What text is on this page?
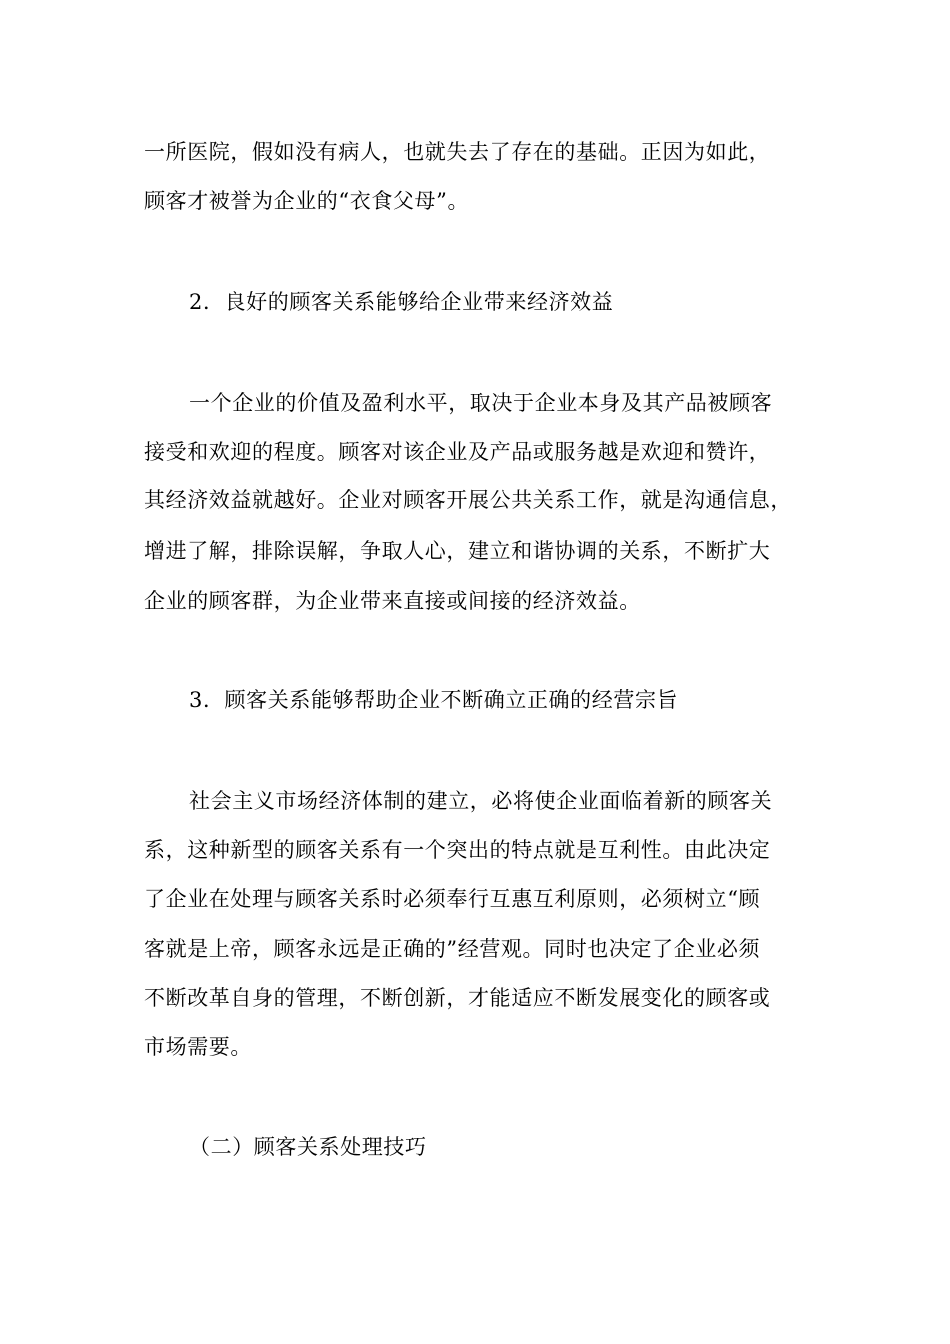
一所医院，假如没有病人，也就失去了存在的基础。正因为如此，
顾客才被誉为企业的“衣食父母”。
2．良好的顾客关系能够给企业带来经济效益
一个企业的价值及盈利水平，取决于企业本身及其产品被顾客
接受和欢迎的程度。顾客对该企业及产品或服务越是欢迎和赞许，
其经济效益就越好。企业对顾客开展公共关系工作，就是沟通信息，
增进了解，排除误解，争取人心，建立和谐协调的关系，不断扩大
企业的顾客群，为企业带来直接或间接的经济效益。
3．顾客关系能够帮助企业不断确立正确的经营宗旨
社会主义市场经济体制的建立，必将使企业面临着新的顾客关
系，这种新型的顾客关系有一个突出的特点就是互利性。由此决定
了企业在处理与顾客关系时必须奉行互惠互利原则，必须树立“顾
客就是上帝，顾客永远是正确的”经营观。同时也决定了企业必须
不断改革自身的管理，不断创新，才能适应不断发展变化的顾客或
市场需要。
（二）顾客关系处理技巧
